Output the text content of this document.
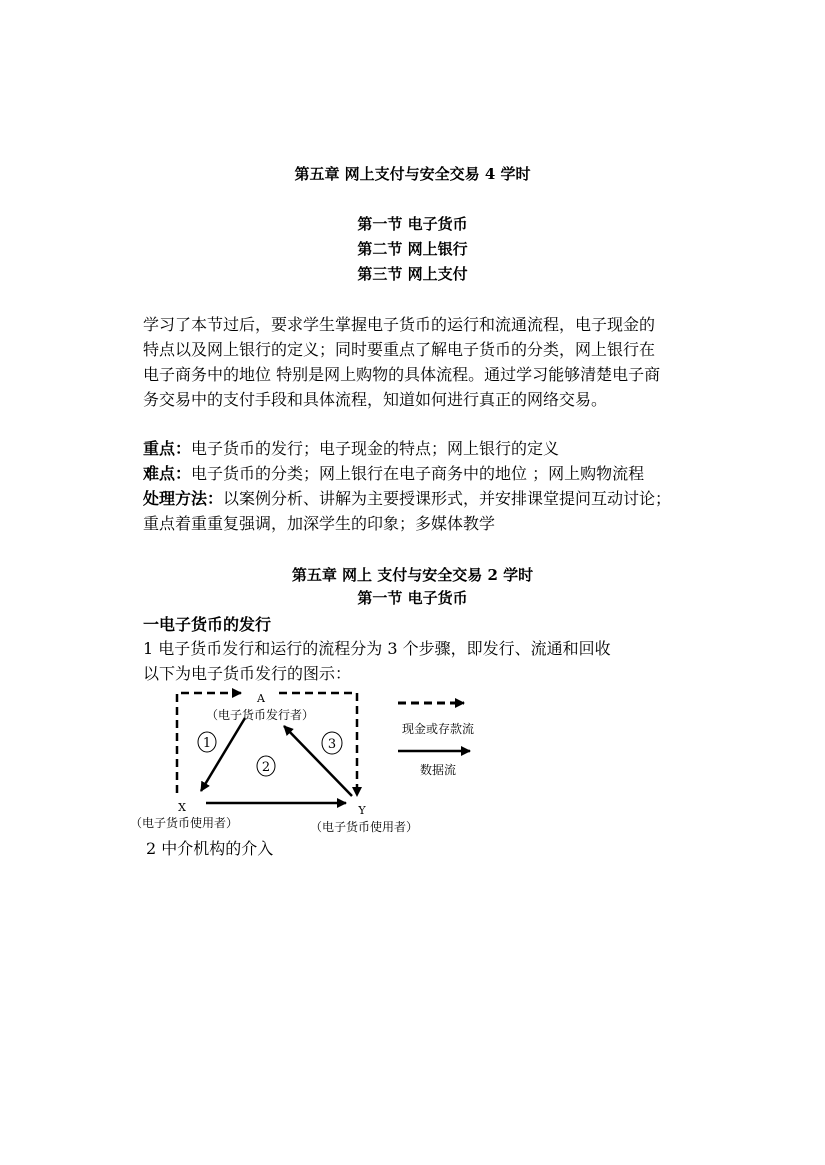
第五章 网上支付与安全交易 4 学时
第一节 电子货币
第二节 网上银行
第三节 网上支付

学习了本节过后，要求学生掌握电子货币的运行和流通流程，电子现金的

特点以及网上银行的定义；同时要重点了解电子货币的分类，网上银行在

电子商务中的地位 特别是网上购物的具体流程。通过学习能够清楚电子商

务交易中的支付手段和具体流程，知道如何进行真正的网络交易。

重点：电子货币的发行；电子现金的特点；网上银行的定义
难点：电子货币的分类；网上银行在电子商务中的地位 ；网上购物流程
处理方法：以案例分析、讲解为主要授课形式，并安排课堂提问互动讨论；
重点着重重复强调，加深学生的印象；多媒体教学
第五章 网上 支付与安全交易 2 学时
第一节 电子货币
一电子货币的发行
1 电子货币发行和运行的流程分为 3 个步骤，即发行、流通和回收
以下为电子货币发行的图示：
A
（电子货币发行者）
X
（电子货币使用者）
Y
（电子货币使用者）
1
2
3
现金或存款流
数据流
2 中介机构的介入
